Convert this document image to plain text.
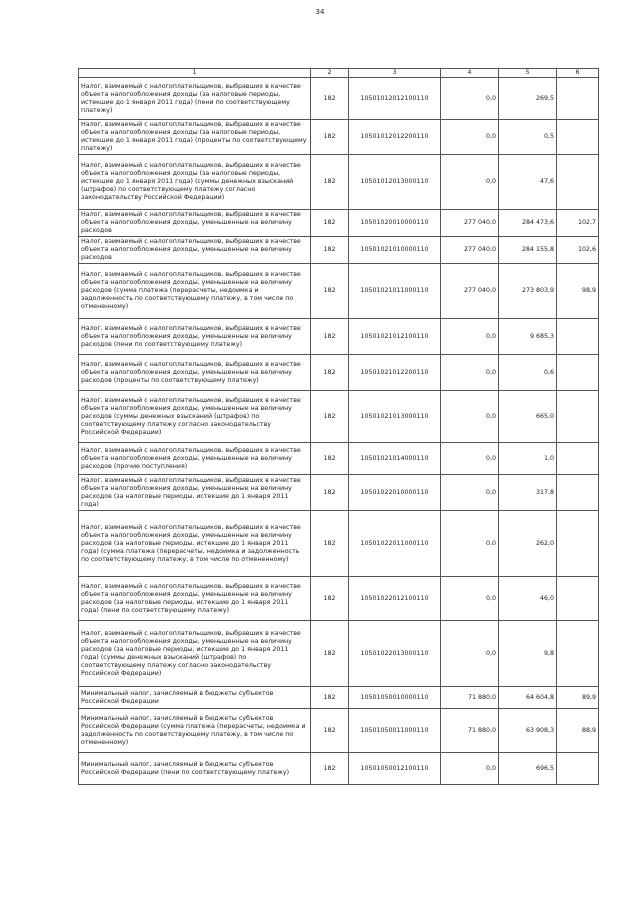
34
1	2	3	4	5	6
Налог, взимаемый с налогоплательщиков, выбравших в качестве объекта налогообложения доходы (за налоговые периоды, истекшие до 1 января 2011 года) (пени по соответствующему платежу)	182	10501012012100110	0,0	269,5	
Налог, взимаемый с налогоплательщиков, выбравших в качестве объекта налогообложения доходы (за налоговые периоды, истекшие до 1 января 2011 года) (проценты по соответствующему платежу)	182	10501012012200110	0,0	0,5	
Налог, взимаемый с налогоплательщиков, выбравших в качестве объекта налогообложения доходы (за налоговые периоды, истекшие до 1 января 2011 года) (суммы денежных взысканий (штрафов) по соответствующему платежу согласно законодательству Российской Федерации)	182	10501012013000110	0,0	47,6	
Налог, взимаемый с налогоплательщиков, выбравших в качестве объекта налогообложения доходы, уменьшенные на величину расходов	182	10501020010000110	277 040,0	284 473,6	102,7
Налог, взимаемый с налогоплательщиков, выбравших в качестве объекта налогообложения доходы, уменьшенные на величину расходов	182	10501021010000110	277 040,0	284 155,8	102,6
Налог, взимаемый с налогоплательщиков, выбравших в качестве объекта налогообложения доходы, уменьшенные на величину расходов (сумма платежа (перерасчеты, недоимка и задолженность по соответствующему платежу, в том числе по отмененному)	182	10501021011000110	277 040,0	273 803,9	98,9
Налог, взимаемый с налогоплательщиков, выбравших в качестве объекта налогообложения доходы, уменьшенные на величину расходов (пени по соответствующему платежу)	182	10501021012100110	0,0	9 685,3	
Налог, взимаемый с налогоплательщиков, выбравших в качестве объекта налогообложения доходы, уменьшенные на величину расходов (проценты по соответствующему платежу)	182	10501021012200110	0,0	0,6	
Налог, взимаемый с налогоплательщиков, выбравших в качестве объекта налогообложения доходы, уменьшенные на величину расходов (суммы денежных взысканий (штрафов) по соответствующему платежу согласно законодательству Российской Федерации)	182	10501021013000110	0,0	665,0	
Налог, взимаемый с налогоплательщиков, выбравших в качестве объекта налогообложения доходы, уменьшенные на величину расходов (прочие поступления)	182	10501021014000110	0,0	1,0	
Налог, взимаемый с налогоплательщиков, выбравших в качестве объекта налогообложения доходы, уменьшенные на величину расходов (за налоговые периоды, истекшие до 1 января 2011 года)	182	10501022010000110	0,0	317,8	
Налог, взимаемый с налогоплательщиков, выбравших в качестве объекта налогообложения доходы, уменьшенные на величину расходов (за налоговые периоды, истекшие до 1 января 2011 года) (сумма платежа (перерасчеты, недоимка и задолженность по соответствующему платежу, в том числе по отмененному)	182	10501022011000110	0,0	262,0	
Налог, взимаемый с налогоплательщиков, выбравших в качестве объекта налогообложения доходы, уменьшенные на величину расходов (за налоговые периоды, истекшие до 1 января 2011 года) (пени по соответствующему платежу)	182	10501022012100110	0,0	46,0	
Налог, взимаемый с налогоплательщиков, выбравших в качестве объекта налогообложения доходы, уменьшенные на величину расходов (за налоговые периоды, истекшие до 1 января 2011 года) (суммы денежных взысканий (штрафов) по соответствующему платежу согласно законодательству Российской Федерации)	182	10501022013000110	0,0	9,8	
Минимальный налог, зачисляемый в бюджеты субъектов Российской Федерации	182	10501050010000110	71 880,0	64 604,8	89,9
Минимальный налог, зачисляемый в бюджеты субъектов Российской Федерации (сумма платежа (перерасчеты, недоимка и задолженность по соответствующему платежу, в том числе по отмененному)	182	10501050011000110	71 880,0	63 908,3	88,9
Минимальный налог, зачисляемый в бюджеты субъектов Российской Федерации (пени по соответствующему платежу)	182	10501050012100110	0,0	696,5	
